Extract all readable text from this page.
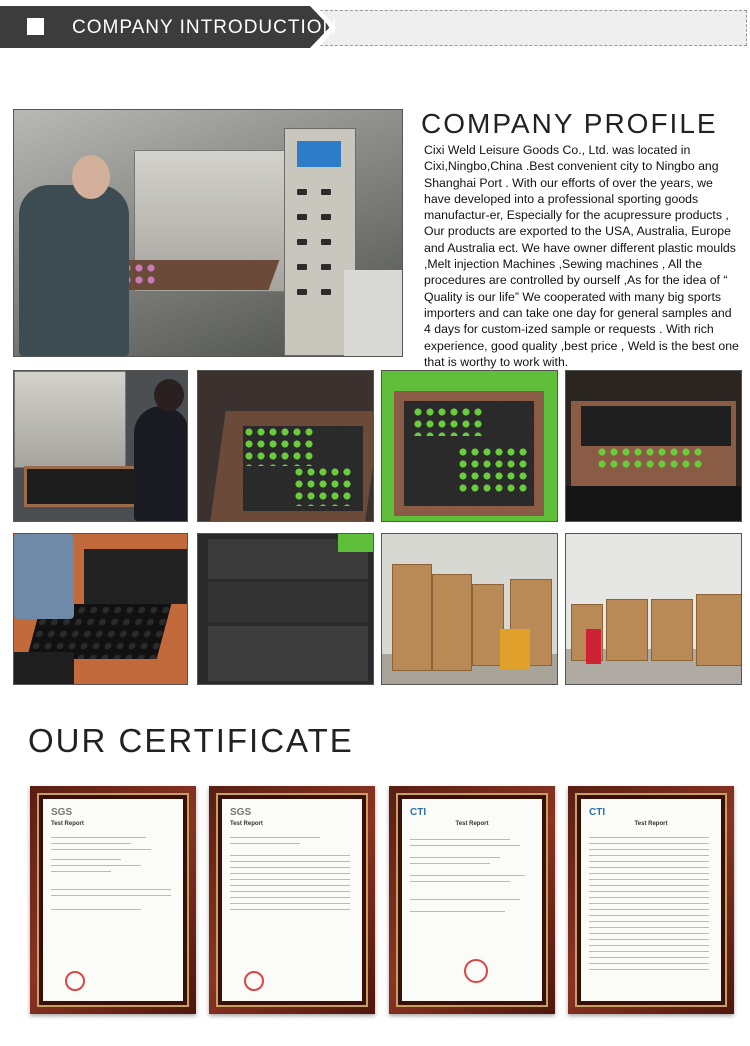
COMPANY INTRODUCTION
COMPANY PROFILE
Cixi Weld Leisure Goods Co., Ltd. was located in Cixi,Ningbo,China .Best convenient city to Ningbo ang Shanghai Port . With our efforts of over the years, we have developed into a professional sporting goods manufactur-er, Especially for the acupressure products , Our products are exported to the USA, Australia, Europe and Australia ect. We have owner different plastic moulds ,Melt injection Machines ,Sewing machines , All the procedures are controlled by ourself ,As for the idea of “ Quality is our life” We cooperated with many big sports importers and can take one day for general samples and 4 days for custom-ized sample or requests . With rich experience, good quality ,best price , Weld is the best one that is worthy to work with.
OUR CERTIFICATE
SGS
Test Report
SGS
Test Report
CTI
Test Report
CTI
Test Report
